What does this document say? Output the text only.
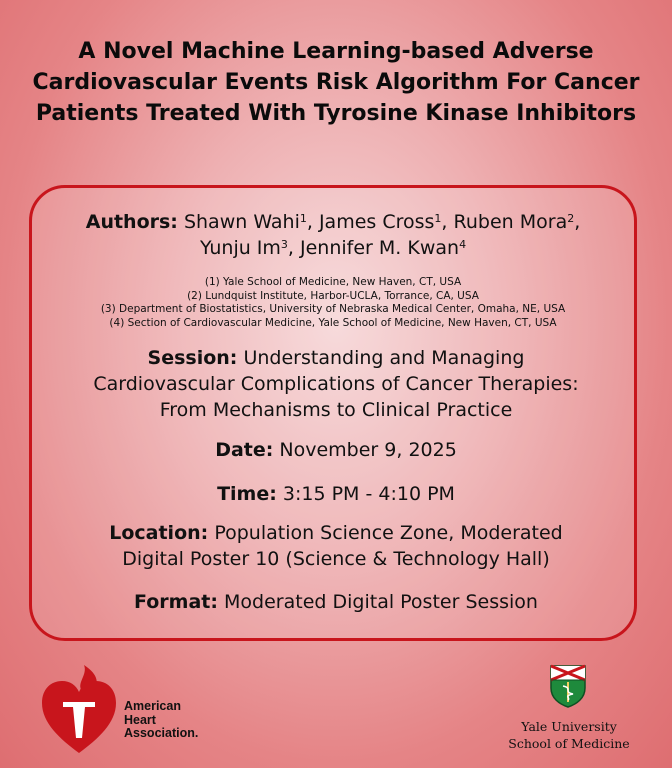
A Novel Machine Learning-based Adverse
Cardiovascular Events Risk Algorithm For Cancer
Patients Treated With Tyrosine Kinase Inhibitors
Authors: Shawn Wahi$^1$, James Cross$^1$, Ruben Mora$^2$,
Yunju Im$^3$, Jennifer M. Kwan$^4$
(1) Yale School of Medicine, New Haven, CT, USA
(2) Lundquist Institute, Harbor-UCLA, Torrance, CA, USA
(3) Department of Biostatistics, University of Nebraska Medical Center, Omaha, NE, USA
(4) Section of Cardiovascular Medicine, Yale School of Medicine, New Haven, CT, USA
Session: Understanding and Managing
Cardiovascular Complications of Cancer Therapies:
From Mechanisms to Clinical Practice
Date: November 9, 2025
Time: 3:15 PM - 4:10 PM
Location: Population Science Zone, Moderated
Digital Poster 10 (Science & Technology Hall)
Format: Moderated Digital Poster Session
American
Heart
Association.	Yale University
School of Medicine
